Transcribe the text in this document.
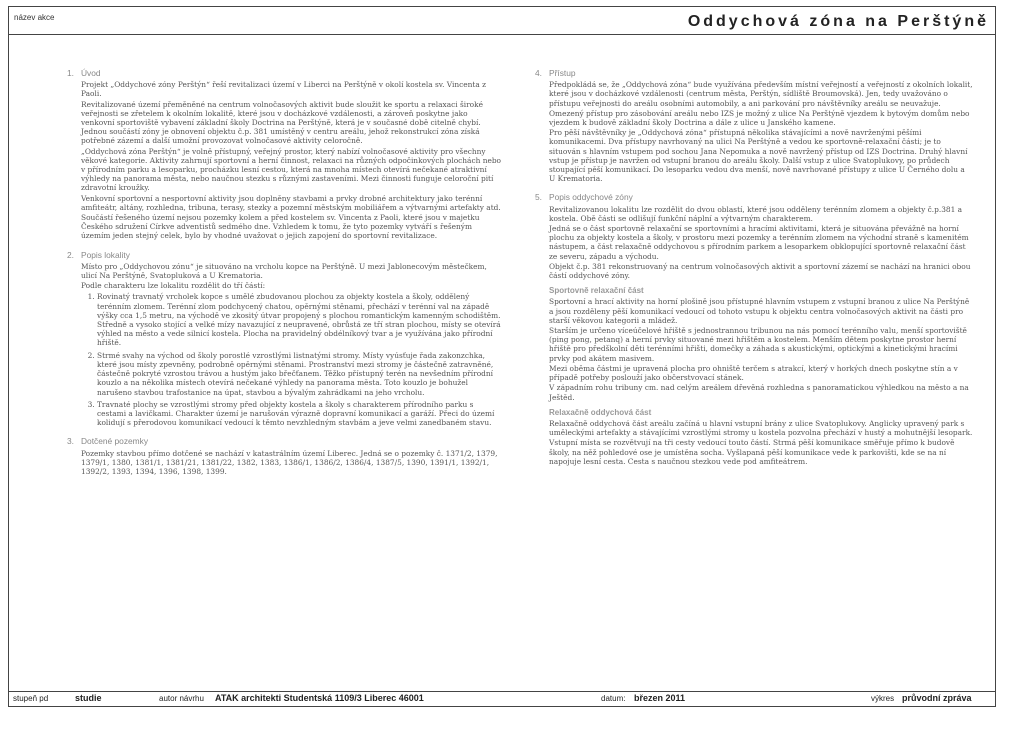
název akce	Oddychová zóna na Perštýně
1. Úvod

Projekt „Oddychové zóny Perštýn“ řeší revitalizaci území v Liberci na Perštýně v okolí kostela sv. Vincenta z Paoli.

Revitalizované území přeměněné na centrum volnočasových aktivit bude sloužit ke sportu a relaxaci široké veřejnosti se zřetelem k okolním lokalitě, které jsou v docházkové vzdálenosti, a zároveň poskytne jako venkovní sportoviště vybavení základní školy Doctrina na Perštýně, která je v současné době citelně chybí. Jednou součástí zóny je obnovení objektu č.p. 381 umístěný v centru areálu, jehož rekonstrukcí zóna získá potřebné zázemí a další umožní provozovat volnočasové aktivity celoročně.

„Oddychová zóna Perštýn“ je volně přístupný, veřejný prostor, který nabízí volnočasové aktivity pro všechny věkové kategorie. Aktivity zahrnují sportovní a herní činnost, relaxaci na různých odpočinkových plochách nebo v přírodním parku a lesoparku, procházku lesní cestou, která na mnoha místech otevírá nečekané atraktivní výhledy na panorama města, nebo naučnou stezku s různými zastaveními. Mezi činnosti funguje celoroční pití zdravotní kroužky.

Venkovní sportovní a nesportovní aktivity jsou doplněny stavbami a prvky drobné architektury jako terénní amfiteátr, altány, rozhledna, tribuna, terasy, stezky a pozemní městským mobiliářem a výtvarnými artefakty atd.

Součástí řešeného území nejsou pozemky kolem a před kostelem sv. Vincenta z Paoli, které jsou v majetku Českého sdružení Církve adventistů sedmého dne. Vzhledem k tomu, že tyto pozemky vytváří s řešeným územím jeden stejný celek, bylo by vhodné uvažovat o jejich zapojení do sportovní revitalizace.

2. Popis lokality

Místo pro „Oddychovou zónu“ je situováno na vrcholu kopce na Perštýně. U mezi Jablonecovým městečkem, ulicí Na Perštýně, Svatopluková a U Krematoria.

Podle charakteru lze lokalitu rozdělit do tří částí:

1. Rovinatý travnatý vrcholek kopce s umělé zbudovanou plochou za objekty kostela a školy, oddělený terénním zlomem. Terénní zlom podchycený chatou, opěrnými stěnami, přechází v terénní val na západě výšky cca 1,5 metru, na východě ve zkositý útvar propojený s plochou romantickým kamenným schodištěm. Středně a vysoko stojící a velké mízy navazující z neupravené, obrůstá ze tří stran plochou, místy se otevírá výhled na město a vede silnicí kostela. Plocha na pravidelný obdélníkový tvar a je využívána jako přírodní hřiště.
2. Strmé svahy na východ od školy porostlé vzrostlými listnatými stromy. Místy vyúsťuje řada zakonzchka, které jsou místy zpevněny, podrobně opěrnými stěnami. Prostranství mezi stromy je částečně zatravněné, částečně pokryté vzrostou trávou a hustým jako břečťanem. Těžko přístupný terén na nevšedním přírodní kouzlo a na několika místech otevírá nečekané výhledy na panorama města. Toto kouzlo je bohužel narušeno stavbou trafostanice na úpat, stavbou a bývalým zahrádkami na jeho vrcholu.
3. Travnaté plochy se vzrostlými stromy před objekty kostela a školy s charakterem přírodního parku s cestami a lavičkami. Charakter území je narušován výrazně dopravní komunikací a garáží. Přeci do území kolidují s přerodovou komunikací vedoucí k těmto nevzhledným stavbám a jeve velmi zanedbaném stavu.
3. Dotčené pozemky

Pozemky stavbou přímo dotčené se nachází v katastrálním území Liberec. Jedná se o pozemky č. 1371/2, 1379, 1379/1, 1380, 1381/1, 1381/21, 1381/22, 1382, 1383, 1386/1, 1386/2, 1386/4, 1387/5, 1390, 1391/1, 1392/1, 1392/2, 1393, 1394, 1396, 1398, 1399.

4. Přístup

Předpokládá se, že „Oddychová zóna“ bude využívána především místní veřejností a veřejností z okolních lokalit, které jsou v docházkové vzdálenosti (centrum města, Perštýn, sídliště Broumovská). Jen, tedy uvažováno o přístupu veřejnosti do areálu osobními automobily, a ani parkování pro návštěvníky areálu se neuvažuje.

Omezený přístup pro zásobování areálu nebo IZS je možný z ulice Na Perštýně vjezdem k bytovým domům nebo vjezdem k budově základní školy Doctrina a dále z ulice u Janského kamene.

Pro pěší návštěvníky je „Oddychová zóna“ přístupná několika stávajícími a nově navrženými pěšími komunikacemi. Dva přístupy navrhovaný na ulici Na Perštýně a vedou ke sportovně-relaxační části; je to situován s hlavním vstupem pod sochou Jana Nepomuka a nově navržený přístup od IZS Doctrina. Druhý hlavní vstup je přístup je navržen od vstupní branou do areálu školy. Další vstup z ulice Svatoplukovy, po průdech stoupající pěší komunikací. Do lesoparku vedou dva menší, nově navrhované přístupy z ulice U Černého dolu a U Krematoria.

5. Popis oddychové zóny

Revitalizovanou lokalitu lze rozdělit do dvou oblastí, které jsou odděleny terénním zlomem a objekty č.p.381 a kostela. Obě části se odlišují funkční náplní a výtvarným charakterem.

Jedná se o část sportovně relaxační se sportovními a hracími aktivitami, která je situována převážně na horní plochu za objekty kostela a školy, v prostoru mezi pozemky a terénním zlomem na východní straně s kamenitém nástupem, a část relaxačně oddychovou s přírodním parkem a lesoparkem obklopující sportovně relaxační část ze severu, západu a východu.

Objekt č.p. 381 rekonstruovaný na centrum volnočasových aktivit a sportovní zázemí se nachází na hranici obou částí oddychové zóny.

Sportovně relaxační část

Sportovní a hrací aktivity na horní plošině jsou přístupné hlavním vstupem z vstupní branou z ulice Na Perštýně a jsou rozděleny pěší komunikací vedoucí od tohoto vstupu k objektu centra volnočasových aktivit na části pro starší věkovou kategorii a mládež.

Starším je určeno víceúčelové hřiště s jednostrannou tribunou na nás pomocí terénního valu, menší sportoviště (ping pong, petanq) a herní prvky situované mezi hřištěm a kostelem. Menším dětem poskytne prostor herní hřiště pro předškolní děti terénními hřišti, domečky a záhada s akustickými, optickými a kinetickými hracími prvky pod akátem masivem.

Mezi oběma částmi je upravená plocha pro ohniště terčem s atrakcí, který v horkých dnech poskytne stín a v případě potřeby poslouží jako občerstvovací stánek.

V západním rohu tribuny cm. nad celým areálem dřevěná rozhledna s panoramatickou výhledkou na město a na Ještěd.

Relaxačně oddychová část

Relaxačně oddychová část areálu začíná u hlavní vstupní brány z ulice Svatoplukovy. Anglicky upravený park s uměleckými artefakty a stávajícími vzrostlými stromy u kostela pozvolna přechází v hustý a mohutnější lesopark.

Vstupní místa se rozvětvují na tři cesty vedoucí touto částí. Strmá pěší komunikace směřuje přímo k budově školy, na něž pohledové ose je umístěna socha. Vyšlapaná pěší komunikace vede k parkovišti, kde se na ní napojuje lesní cesta. Cesta s naučnou stezkou vede pod amfiteátrem.

stupeň pd	studie	autor návrhu ATAK architekti Studentská 1109/3 Liberec 46001	datum: březen 2011	výkres průvodní zpráva
